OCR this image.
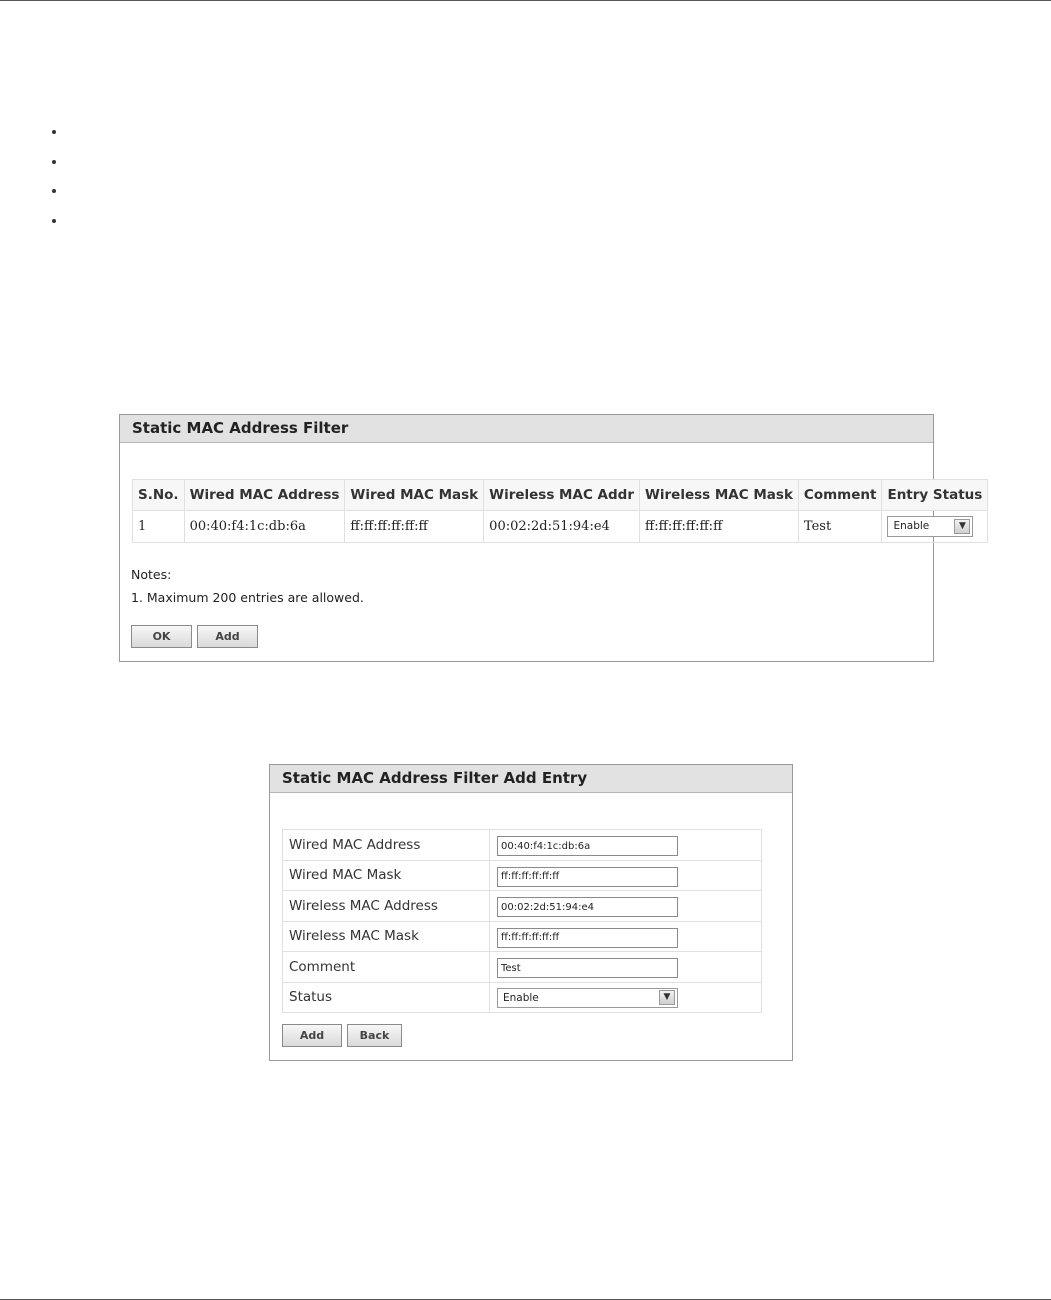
Static MAC Address Filter
S.No.	Wired MAC Address	Wired MAC Mask	Wireless MAC Addr	Wireless MAC Mask	Comment	Entry Status
1	00:40:f4:1c:db:6a	ff:ff:ff:ff:ff:ff	00:02:2d:51:94:e4	ff:ff:ff:ff:ff:ff	Test	Enable ▼
Notes:
1. Maximum 200 entries are allowed.
OK	Add
Static MAC Address Filter Add Entry
Wired MAC Address	00:40:f4:1c:db:6a
Wired MAC Mask	ff:ff:ff:ff:ff:ff
Wireless MAC Address	00:02:2d:51:94:e4
Wireless MAC Mask	ff:ff:ff:ff:ff:ff
Comment	Test
Status	Enable ▼
Add	Back
